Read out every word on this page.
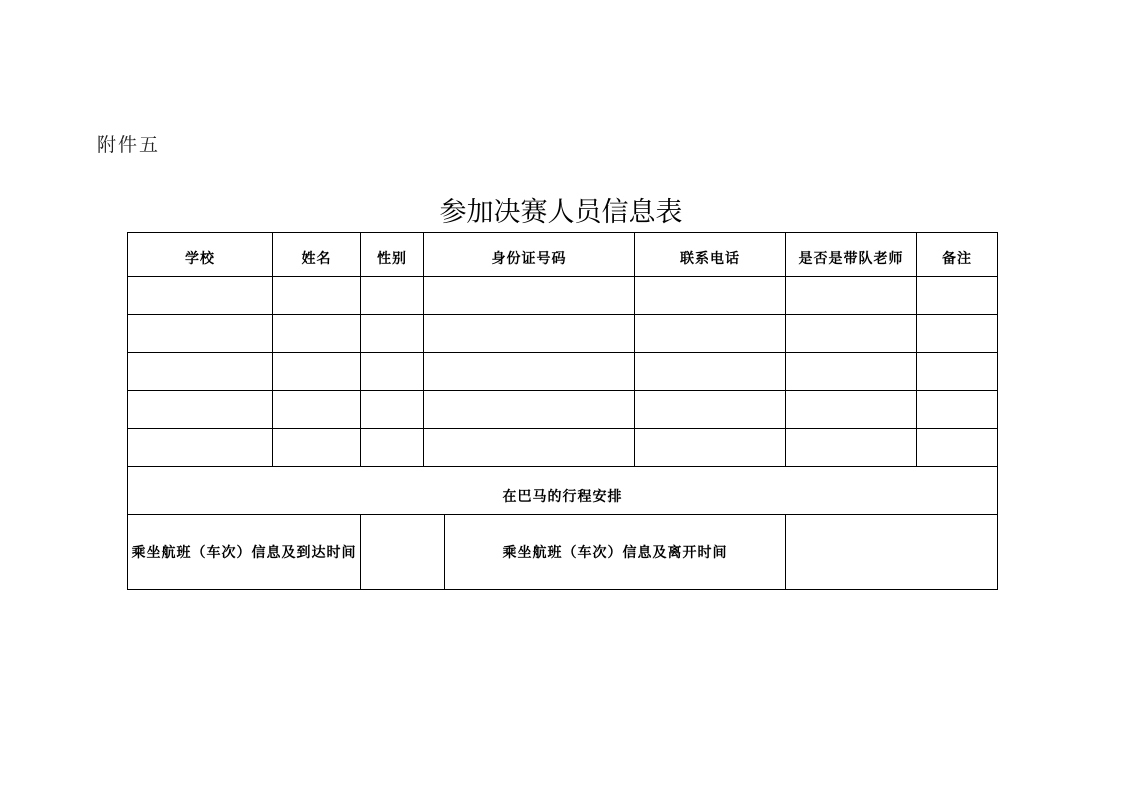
附件五
参加决赛人员信息表
学校	姓名	性别	身份证号码		联系电话	是否是带队老师	备注

在巴马的行程安排							
乘坐航班（车次）信息及到达时间				乘坐航班（车次）信息及离开时间			
